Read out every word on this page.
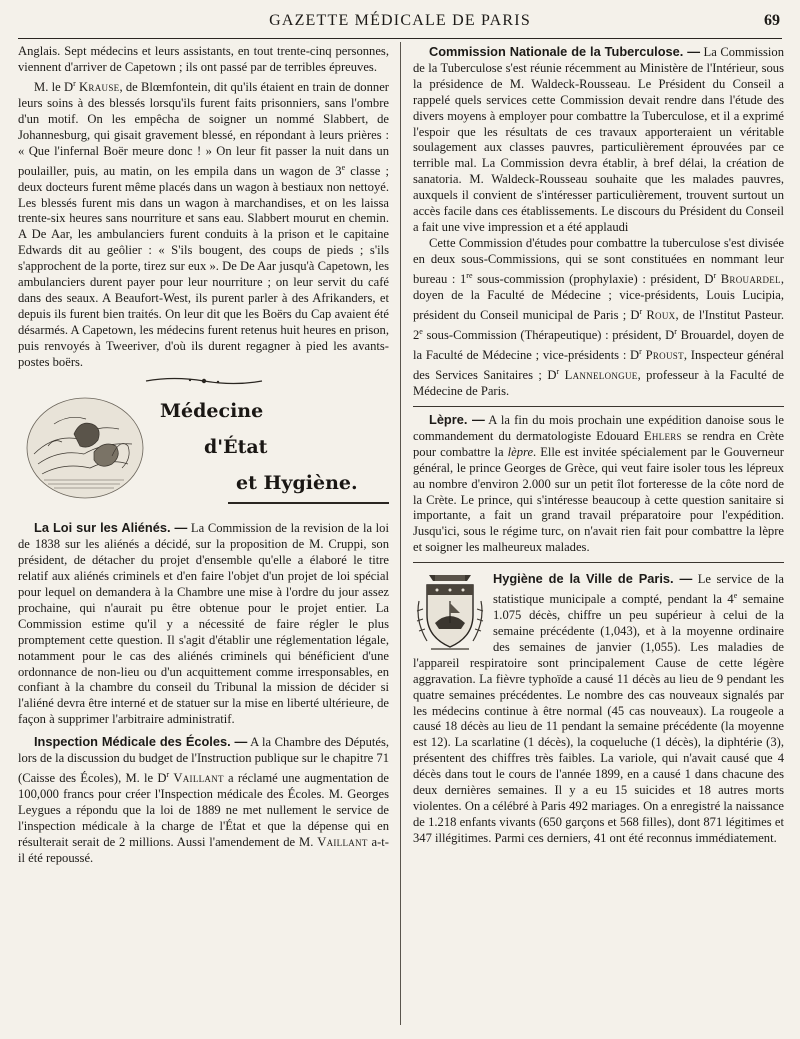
GAZETTE MÉDICALE DE PARIS	69

Anglais. Sept médecins et leurs assistants, en tout trente-cinq personnes, viennent d'arriver de Capetown ; ils ont passé par de terribles épreuves.

M. le $D^r$ Krause, de Blœmfontein, dit qu'ils étaient en train de donner leurs soins à des blessés lorsqu'ils furent faits prisonniers, sans l'ombre d'un motif. On les empêcha de soigner un nommé Slabbert, de Johannesburg, qui gisait gravement blessé, en répondant à leurs prières : « Que l'infernal Boër meure donc ! » On leur fit passer la nuit dans un poulailler, puis, au matin, on les empila dans un wagon de 3e classe ; deux docteurs furent même placés dans un wagon à bestiaux non nettoyé. Les blessés furent mis dans un wagon à marchandises, et on les laissa trente-six heures sans nourriture et sans eau. Slabbert mourut en chemin. A De Aar, les ambulanciers furent conduits à la prison et le capitaine Edwards dit au geôlier : « S'ils bougent, des coups de pieds ; s'ils s'approchent de la porte, tirez sur eux ». De De Aar jusqu'à Capetown, les ambulanciers durent payer pour leur nourriture ; on leur servit du café dans des seaux. A Beaufort-West, ils purent parler à des Afrikanders, et depuis ils furent bien traités. On leur dit que les Boërs du Cap avaient été désarmés. A Capetown, les médecins furent retenus huit heures en prison, puis renvoyés à Tweeriver, d'où ils durent regagner à pied les avants-postes boërs.

Médecine
d'État
et Hygiène.

La Loi sur les Aliénés. — La Commission de la revision de la loi de 1838 sur les aliénés a décidé, sur la proposition de M. Cruppi, son président, de détacher du projet d'ensemble qu'elle a élaboré le titre relatif aux aliénés criminels et d'en faire l'objet d'un projet de loi spécial pour lequel on demandera à la Chambre une mise à l'ordre du jour assez prochaine, qui n'aurait pu être obtenue pour le projet entier. La Commission estime qu'il y a nécessité de faire régler le plus promptement cette question. Il s'agit d'établir une réglementation légale, notamment pour le cas des aliénés criminels qui bénéficient d'une ordonnance de non-lieu ou d'un acquittement comme irresponsables, en confiant à la chambre du conseil du Tribunal la mission de décider si l'aliéné devra être interné et de statuer sur la mise en liberté ultérieure, de façon à supprimer l'arbitraire administratif.

Inspection Médicale des Écoles. — A la Chambre des Députés, lors de la discussion du budget de l'Instruction publique sur le chapitre 71 (Caisse des Écoles), M. le $D^r$ Vaillant a réclamé une augmentation de 100,000 francs pour créer l'Inspection médicale des Écoles. M. Georges Leygues a répondu que la loi de 1889 ne met nullement le service de l'inspection médicale à la charge de l'État et que la dépense qui en résulterait serait de 2 millions. Aussi l'amendement de M. Vaillant a-t-il été repoussé.

Commission Nationale de la Tuberculose. — La Commission de la Tuberculose s'est réunie récemment au Ministère de l'Intérieur, sous la présidence de M. Waldeck-Rousseau. Le Président du Conseil a rappelé quels services cette Commission devait rendre dans l'étude des divers moyens à employer pour combattre la Tuberculose, et il a exprimé l'espoir que les résultats de ces travaux apporteraient un véritable soulagement aux classes pauvres, particulièrement éprouvées par ce terrible mal. La Commission devra établir, à bref délai, la création de sanatoria. M. Waldeck-Rousseau souhaite que les malades pauvres, auxquels il convient de s'intéresser particulièrement, trouvent surtout un accès facile dans ces établissements. Le discours du Président du Conseil a fait une vive impression et a été applaudi

Cette Commission d'études pour combattre la tuberculose s'est divisée en deux sous-Commissions, qui se sont constituées en nommant leur bureau : 1re sous-commission (prophylaxie) : président, $D^r$ Brouardel, doyen de la Faculté de Médecine ; vice-présidents, Louis Lucipia, président du Conseil municipal de Paris ; $D^r$ Roux, de l'Institut Pasteur. 2e sous-Commission (Thérapeutique) : président, $D^r$ Brouardel, doyen de la Faculté de Médecine ; vice-présidents : $D^r$ Proust, Inspecteur général des Services Sanitaires ; $D^r$ Lannelongue, professeur à la Faculté de Médecine de Paris.

Lèpre. — A la fin du mois prochain une expédition danoise sous le commandement du dermatologiste Edouard Ehlers se rendra en Crète pour combattre la lèpre. Elle est invitée spécialement par le Gouverneur général, le prince Georges de Grèce, qui veut faire isoler tous les lépreux au nombre d'environ 2.000 sur un petit îlot forteresse de la côte nord de la Crète. Le prince, qui s'intéresse beaucoup à cette question sanitaire si importante, a fait un grand travail préparatoire pour l'expédition. Jusqu'ici, sous le régime turc, on n'avait rien fait pour combattre la lèpre et soigner les malheureux malades.

Hygiène de la Ville de Paris. — Le service de la statistique municipale a compté, pendant la 4e semaine 1.075 décès, chiffre un peu supérieur à celui de la semaine précédente (1,043), et à la moyenne ordinaire des semaines de janvier (1,055). Les maladies de l'appareil respiratoire sont principalement Cause de cette légère aggravation. La fièvre typhoïde a causé 11 décès au lieu de 9 pendant les quatre semaines précédentes. Le nombre des cas nouveaux signalés par les médecins continue à être normal (45 cas nouveaux). La rougeole a causé 18 décès au lieu de 11 pendant la semaine précédente (la moyenne est 12). La scarlatine (1 décès), la coqueluche (1 décès), la diphtérie (3), présentent des chiffres très faibles. La variole, qui n'avait causé que 4 décès dans tout le cours de l'année 1899, en a causé 1 dans chacune des deux dernières semaines. Il y a eu 15 suicides et 18 autres morts violentes. On a célébré à Paris 492 mariages. On a enregistré la naissance de 1.218 enfants vivants (650 garçons et 568 filles), dont 871 légitimes et 347 illégitimes. Parmi ces derniers, 41 ont été reconnus immédiatement.
